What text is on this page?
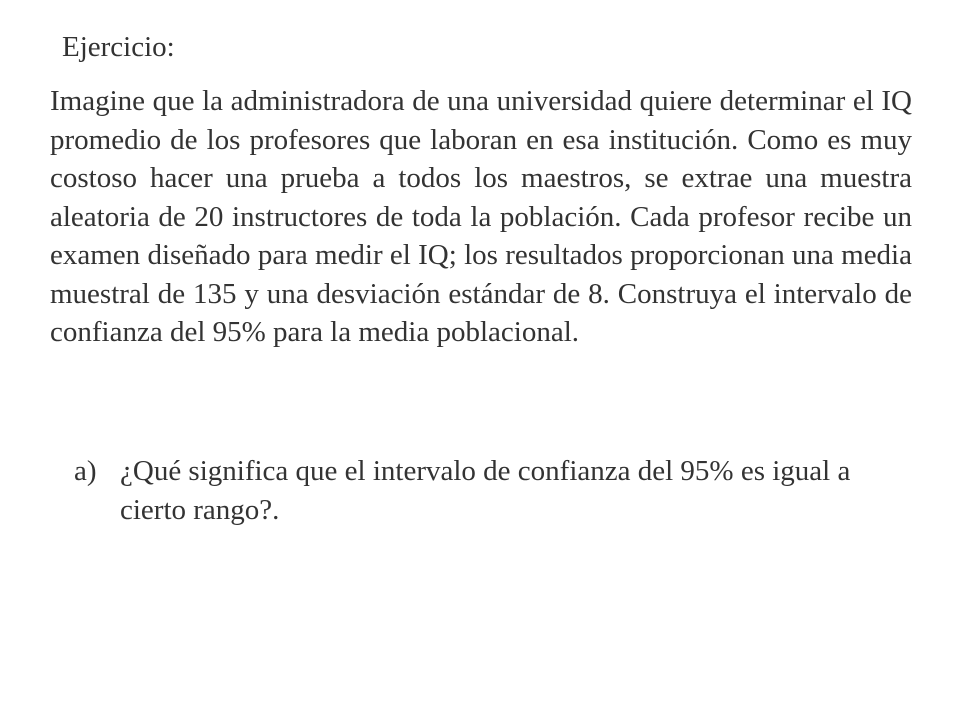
Ejercicio:

Imagine que la administradora de una universidad quiere determinar el IQ promedio de los profesores que laboran en esa institución. Como es muy costoso hacer una prueba a todos los maestros, se extrae una muestra aleatoria de 20 instructores de toda la población. Cada profesor recibe un examen diseñado para medir el IQ; los resultados proporcionan una media muestral de 135 y una desviación estándar de 8. Construya el intervalo de confianza del 95% para la media poblacional.

a) ¿Qué significa que el intervalo de confianza del 95% es igual a cierto rango?.
